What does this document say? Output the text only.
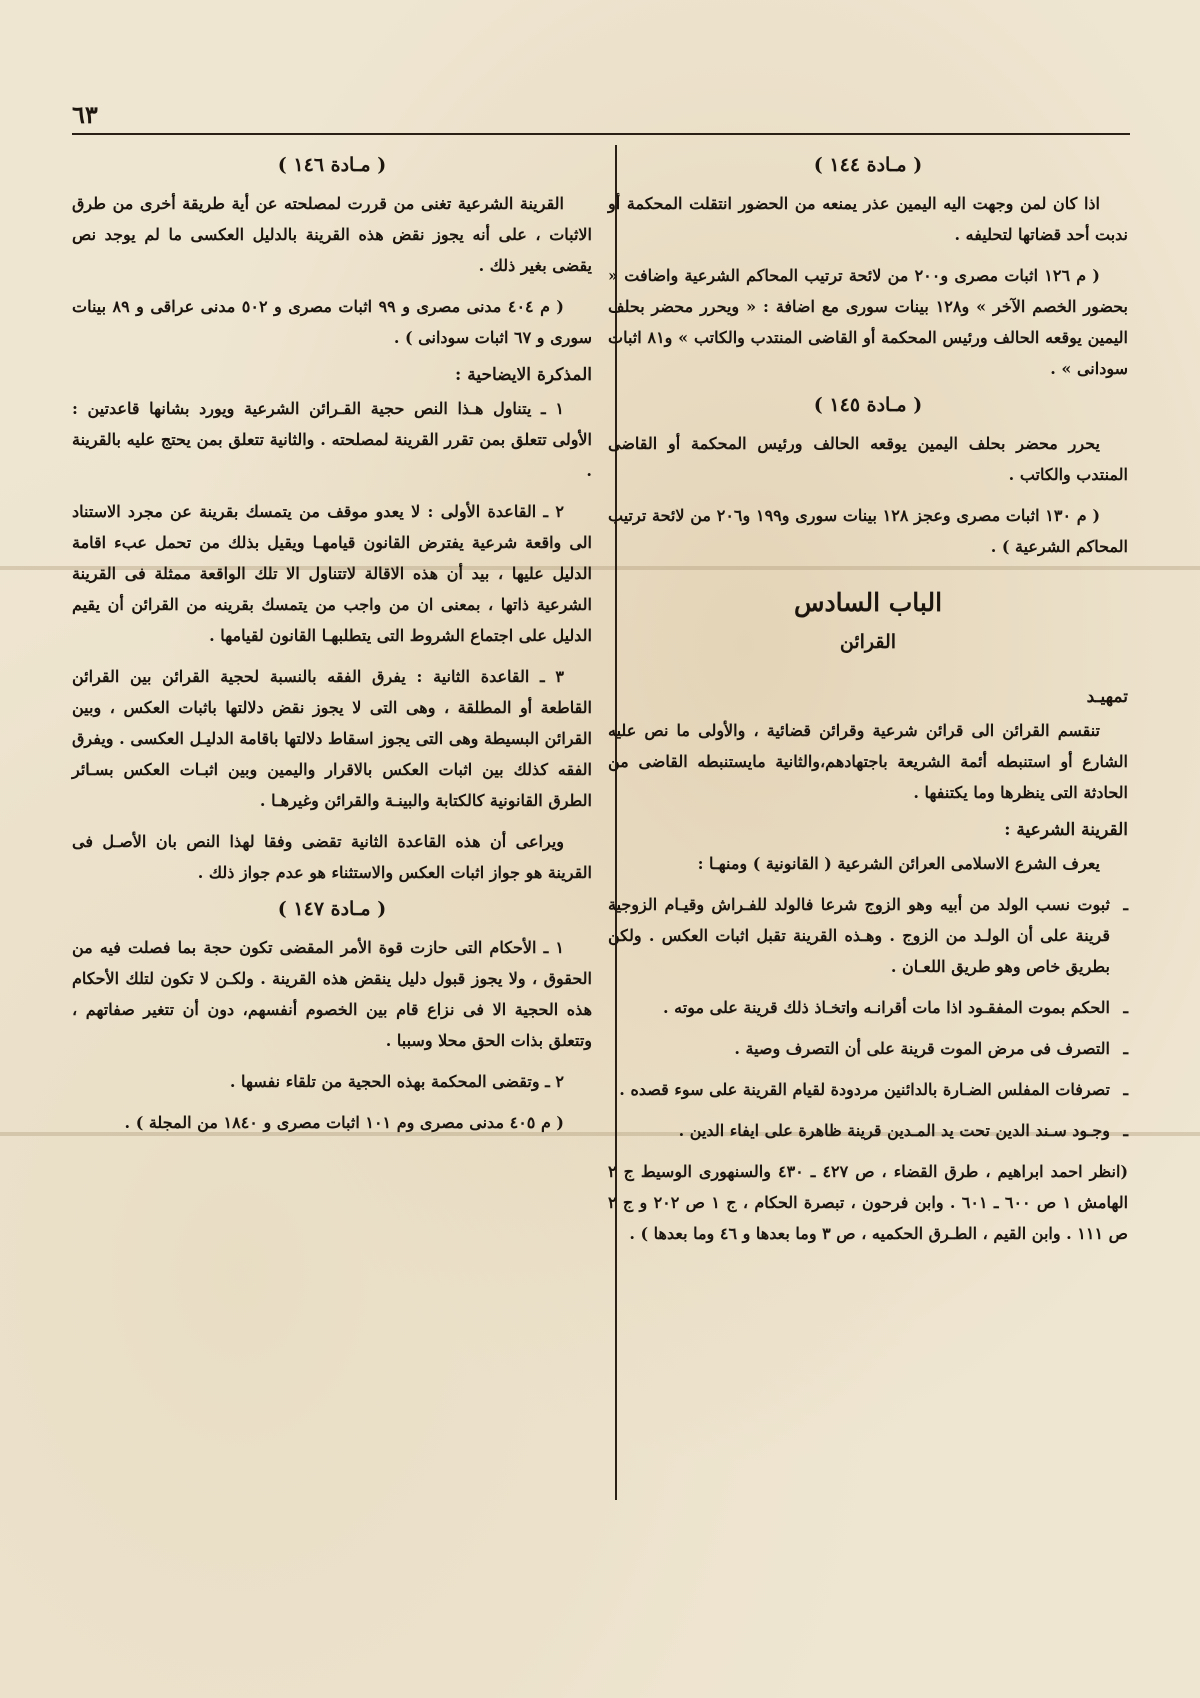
٦٣
( مـادة ١٤٤ )

اذا كان لمن وجهت اليه اليمين عذر يمنعه من الحضور انتقلت المحكمة أو ندبت أحد قضاتها لتحليفه .

( م ١٢٦ اثبات مصرى و٢٠٠ من لائحة ترتيب المحاكم الشرعية واضافت « بحضور الخصم الآخر » و١٢٨ بينات سورى مع اضافة : « ويحرر محضر بحلف اليمين يوقعه الحالف ورئيس المحكمة أو القاضى المنتدب والكاتب » و٨١ اثبات سودانى » .

( مـادة ١٤٥ )

يحرر محضر بحلف اليمين يوقعه الحالف ورئيس المحكمة أو القاضى المنتدب والكاتب .

( م ١٣٠ اثبات مصرى وعجز ١٢٨ بينات سورى و١٩٩ و٢٠٦ من لائحة ترتيب المحاكم الشرعية ) .

الباب السادس
القرائن
تمهيـد

تنقسم القرائن الى قرائن شرعية وقرائن قضائية ، والأولى ما نص عليه الشارع أو استنبطه أئمة الشريعة باجتهادهم،والثانية مايستنبطه القاضى من الحادثة التى ينظرها وما يكتنفها .

القرينة الشرعية :

يعرف الشرع الاسلامى العرائن الشرعية ( القانونية ) ومنهـا :

ـ
ثبوت نسب الولد من أبيه وهو الزوج شرعا فالولد للفـراش وقيـام الزوجية قرينة على أن الولـد من الزوج . وهـذه القرينة تقبل اثبات العكس . ولكن بطريق خاص وهو طريق اللعـان .
ـ
الحكم بموت المفقـود اذا مات أقرانـه واتخـاذ ذلك قرينة على موته .
ـ
التصرف فى مرض الموت قرينة على أن التصرف وصية .
ـ
تصرفات المفلس الضـارة بالدائنين مردودة لقيام القرينة على سوء قصده .
ـ
وجـود سـند الدين تحت يد المـدين قرينة ظاهرة على ايفاء الدين .

(انظر احمد ابراهيم ، طرق القضاء ، ص ٤٢٧ ـ ٤٣٠ والسنهورى الوسيط ج ٢ الهامش ١ ص ٦٠٠ ـ ٦٠١ . وابن فرحون ، تبصرة الحكام ، ج ١ ص ٢٠٢ و ج ٢ ص ١١١ . وابن القيم ، الطـرق الحكميه ، ص ٣ وما بعدها و ٤٦ وما بعدها ) .

( مـادة ١٤٦ )

القرينة الشرعية تغنى من قررت لمصلحته عن أية طريقة أخرى من طرق الاثبات ، على أنه يجوز نقض هذه القرينة بالدليل العكسى ما لم يوجد نص يقضى بغير ذلك .

( م ٤٠٤ مدنى مصرى و ٩٩ اثبات مصرى و ٥٠٢ مدنى عراقى و ٨٩ بينات سورى و ٦٧ اثبات سودانى ) .

المذكرة الايضاحية :

١ ـ يتناول هـذا النص حجية القـرائن الشرعية ويورد بشانها قاعدتين : الأولى تتعلق بمن تقرر القرينة لمصلحته . والثانية تتعلق بمن يحتج عليه بالقرينة .

٢ ـ القاعدة الأولى : لا يعدو موقف من يتمسك بقرينة عن مجرد الاستناد الى واقعة شرعية يفترض القانون قيامهـا ويقيل بذلك من تحمل عبء اقامة الدليل عليها ، بيد أن هذه الاقالة لاتتناول الا تلك الواقعة ممثلة فى القرينة الشرعية ذاتها ، بمعنى ان من واجب من يتمسك بقرينه من القرائن أن يقيم الدليل على اجتماع الشروط التى يتطلبهـا القانون لقيامها .

٣ ـ القاعدة الثانية : يفرق الفقه بالنسبة لحجية القرائن بين القرائن القاطعة أو المطلقة ، وهى التى لا يجوز نقض دلالتها باثبات العكس ، وبين القرائن البسيطة وهى التى يجوز اسقاط دلالتها باقامة الدليـل العكسى . ويفرق الفقه كذلك بين اثبات العكس بالاقرار واليمين وبين اثبـات العكس بسـائر الطرق القانونية كالكتابة والبينـة والقرائن وغيرهـا .

ويراعى أن هذه القاعدة الثانية تقضى وفقا لهذا النص بان الأصـل فى القرينة هو جواز اثبات العكس والاستثناء هو عدم جواز ذلك .

( مـادة ١٤٧ )

١ ـ الأحكام التى حازت قوة الأمر المقضى تكون حجة بما فصلت فيه من الحقوق ، ولا يجوز قبول دليل ينقض هذه القرينة . ولكـن لا تكون لتلك الأحكام هذه الحجية الا فى نزاع قام بين الخصوم أنفسهم، دون أن تتغير صفاتهم ، وتتعلق بذات الحق محلا وسببا .

٢ ـ وتقضى المحكمة بهذه الحجية من تلقاء نفسها .

( م ٤٠٥ مدنى مصرى وم ١٠١ اثبات مصرى و ١٨٤٠ من المجلة ) .
